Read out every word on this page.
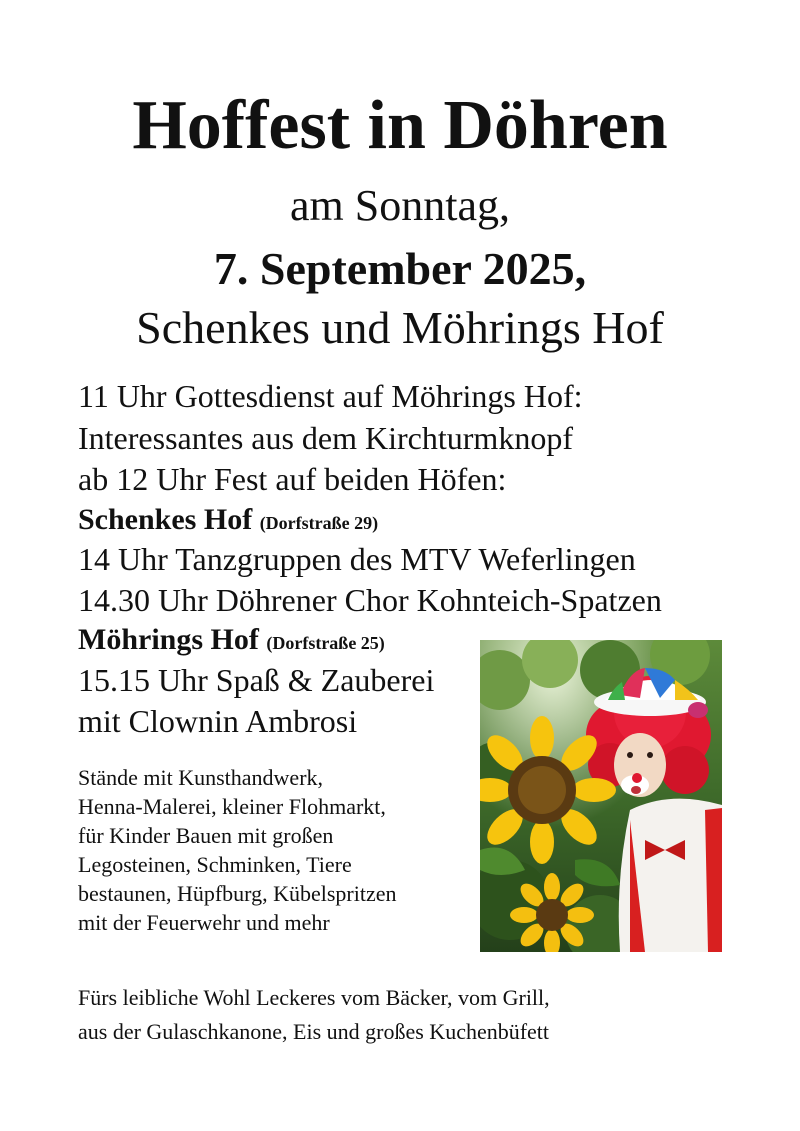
Hoffest in Döhren
am Sonntag,
7. September 2025,
Schenkes und Möhrings Hof
11 Uhr Gottesdienst auf Möhrings Hof:
Interessantes aus dem Kirchturmknopf
ab 12 Uhr Fest auf beiden Höfen:
Schenkes Hof (Dorfstraße 29)
14 Uhr Tanzgruppen des MTV Weferlingen
14.30 Uhr Döhrener Chor Kohnteich-Spatzen
Möhrings Hof (Dorfstraße 25)
15.15 Uhr Spaß & Zauberei
mit Clownin Ambrosi
Stände mit Kunsthandwerk,
Henna-Malerei, kleiner Flohmarkt,
für Kinder Bauen mit großen
Legosteinen, Schminken, Tiere
bestaunen, Hüpfburg, Kübelspritzen
mit der Feuerwehr und mehr
Fürs leibliche Wohl Leckeres vom Bäcker, vom Grill,
aus der Gulaschkanone, Eis und großes Kuchenbüfett
